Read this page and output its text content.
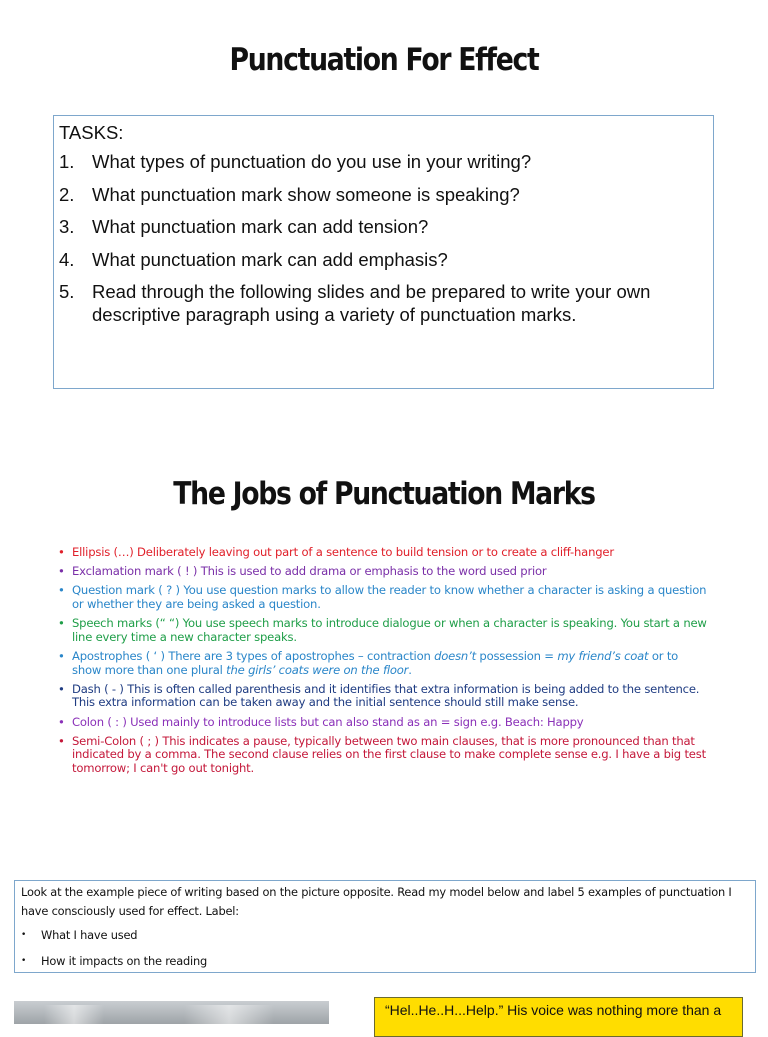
Punctuation For Effect
TASKS:
1. What types of punctuation do you use in your writing?
2. What punctuation mark show someone is speaking?
3. What punctuation mark can add tension?
4. What punctuation mark can add emphasis?
5. Read through the following slides and be prepared to write your own descriptive paragraph using a variety of punctuation marks.
The Jobs of Punctuation Marks
• Ellipsis (…) Deliberately leaving out part of a sentence to build tension or to create a cliff-hanger
• Exclamation mark ( ! ) This is used to add drama or emphasis to the word used prior
• Question mark ( ? ) You use question marks to allow the reader to know whether a character is asking a question or whether they are being asked a question.
• Speech marks (“ “) You use speech marks to introduce dialogue or when a character is speaking. You start a new line every time a new character speaks.
• Apostrophes ( ‘ ) There are 3 types of apostrophes – contraction doesn’t possession = my friend’s coat or to show more than one plural the girls’ coats were on the floor.
• Dash ( - ) This is often called parenthesis and it identifies that extra information is being added to the sentence. This extra information can be taken away and the initial sentence should still make sense.
• Colon ( : ) Used mainly to introduce lists but can also stand as an = sign e.g. Beach: Happy
• Semi-Colon ( ; ) This indicates a pause, typically between two main clauses, that is more pronounced than that indicated by a comma. The second clause relies on the first clause to make complete sense e.g. I have a big test tomorrow; I can't go out tonight.
Look at the example piece of writing based on the picture opposite. Read my model below and label 5 examples of punctuation I have consciously used for effect. Label:
• What I have used
• How it impacts on the reading
“Hel..He..H...Help.” His voice was nothing more than a
